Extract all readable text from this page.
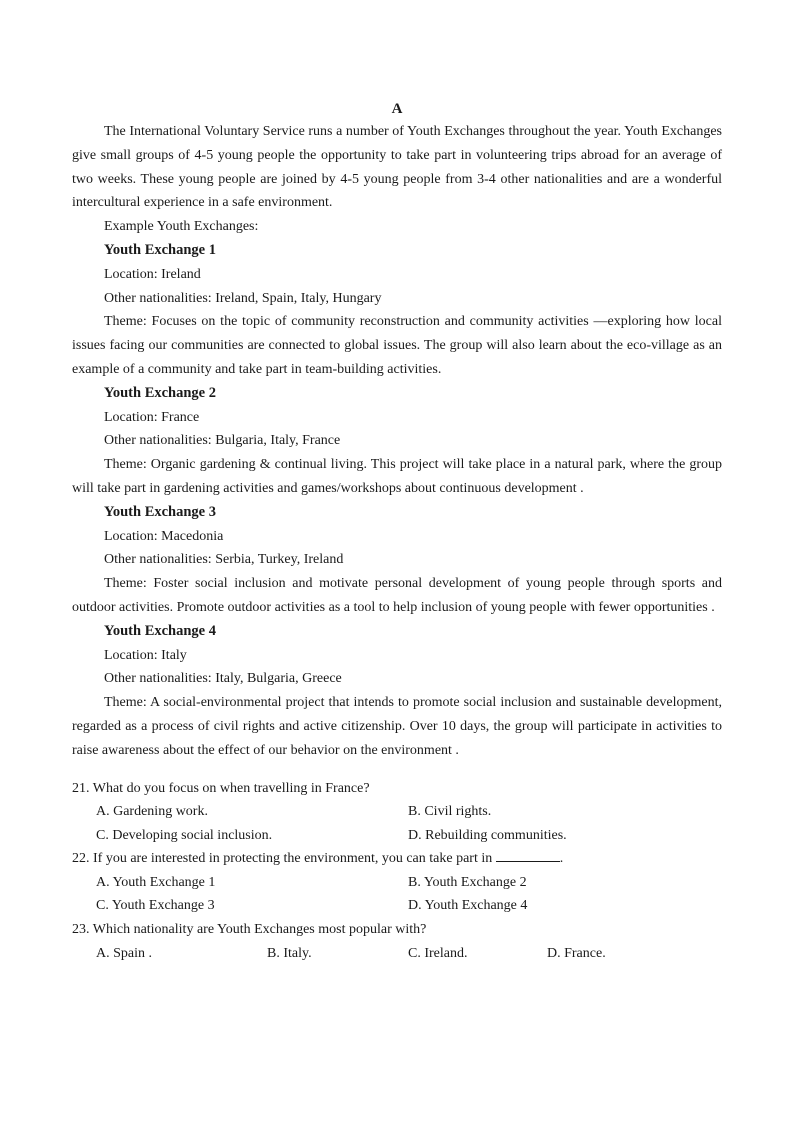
A

The International Voluntary Service runs a number of Youth Exchanges throughout the year. Youth Exchanges give small groups of 4-5 young people the opportunity to take part in volunteering trips abroad for an average of two weeks. These young people are joined by 4-5 young people from 3-4 other nationalities and are a wonderful intercultural experience in a safe environment.

Example Youth Exchanges:

Youth Exchange 1

Location: Ireland

Other nationalities: Ireland, Spain, Italy, Hungary

Theme: Focuses on the topic of community reconstruction and community activities —exploring how local issues facing our communities are connected to global issues. The group will also learn about the eco-village as an example of a community and take part in team-building activities.

Youth Exchange 2

Location: France

Other nationalities: Bulgaria, Italy, France

Theme: Organic gardening & continual living. This project will take place in a natural park, where the group will take part in gardening activities and games/workshops about continuous development .

Youth Exchange 3

Location: Macedonia

Other nationalities: Serbia, Turkey, Ireland

Theme: Foster social inclusion and motivate personal development of young people through sports and outdoor activities. Promote outdoor activities as a tool to help inclusion of young people with fewer opportunities .

Youth Exchange 4

Location: Italy

Other nationalities: Italy, Bulgaria, Greece

Theme: A social-environmental project that intends to promote social inclusion and sustainable development, regarded as a process of civil rights and active citizenship. Over 10 days, the group will participate in activities to raise awareness about the effect of our behavior on the environment .

21. What do you focus on when travelling in France?

A. Gardening work.	B. Civil rights.
C. Developing social inclusion.	D. Rebuilding communities.

22. If you are interested in protecting the environment, you can take part in	.

A. Youth Exchange 1	B. Youth Exchange 2
C. Youth Exchange 3	D. Youth Exchange 4

23. Which nationality are Youth Exchanges most popular with?

A. Spain .	B. Italy.	C. Ireland.	D. France.
